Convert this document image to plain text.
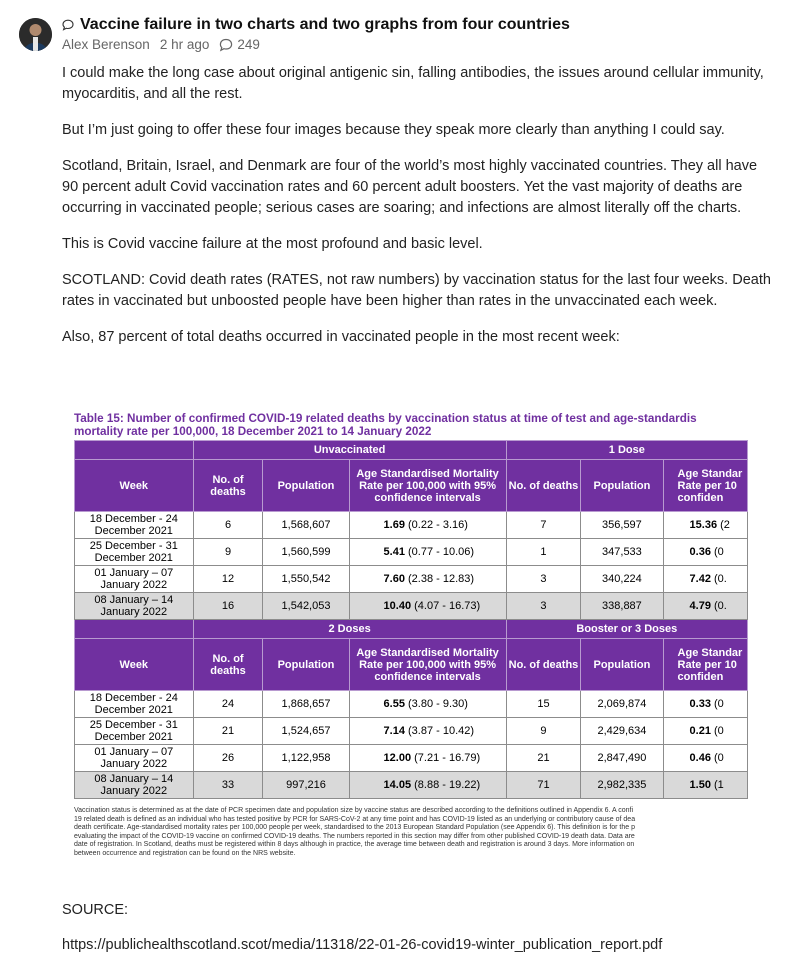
Vaccine failure in two charts and two graphs from four countries
Alex Berenson 2 hr ago 249

I could make the long case about original antigenic sin, falling antibodies, the issues around cellular immunity, myocarditis, and all the rest.

But I’m just going to offer these four images because they speak more clearly than anything I could say.

Scotland, Britain, Israel, and Denmark are four of the world’s most highly vaccinated countries. They all have 90 percent adult Covid vaccination rates and 60 percent adult boosters. Yet the vast majority of deaths are occurring in vaccinated people; serious cases are soaring; and infections are almost literally off the charts.

This is Covid vaccine failure at the most profound and basic level.

SCOTLAND: Covid death rates (RATES, not raw numbers) by vaccination status for the last four weeks. Death rates in vaccinated but unboosted people have been higher than rates in the unvaccinated each week.

Also, 87 percent of total deaths occurred in vaccinated people in the most recent week:

Table 15: Number of confirmed COVID-19 related deaths by vaccination status at time of test and age-standardis
mortality rate per 100,000, 18 December 2021 to 14 January 2022
	Unvaccinated			1 Dose		
Week	No. of deaths	Population	Age Standardised Mortality Rate per 100,000 with 95% confidence intervals	No. of deaths	Population	Age Standar Rate per 10 confiden
18 December - 24 December 2021	6	1,568,607	1.69 (0.22 - 3.16)	7	356,597	15.36 (2
25 December - 31 December 2021	9	1,560,599	5.41 (0.77 - 10.06)	1	347,533	0.36 (0
01 January – 07 January 2022	12	1,550,542	7.60 (2.38 - 12.83)	3	340,224	7.42 (0.
08 January – 14 January 2022	16	1,542,053	10.40 (4.07 - 16.73)	3	338,887	4.79 (0.
	2 Doses			Booster or 3 Doses		
Week	No. of deaths	Population	Age Standardised Mortality Rate per 100,000 with 95% confidence intervals	No. of deaths	Population	Age Standar Rate per 10 confiden
18 December - 24 December 2021	24	1,868,657	6.55 (3.80 - 9.30)	15	2,069,874	0.33 (0
25 December - 31 December 2021	21	1,524,657	7.14 (3.87 - 10.42)	9	2,429,634	0.21 (0
01 January – 07 January 2022	26	1,122,958	12.00 (7.21 - 16.79)	21	2,847,490	0.46 (0
08 January – 14 January 2022	33	997,216	14.05 (8.88 - 19.22)	71	2,982,335	1.50 (1
Vaccination status is determined as at the date of PCR specimen date and population size by vaccine status are described according to the definitions outlined in Appendix 6. A confi
19 related death is defined as an individual who has tested positive by PCR for SARS-CoV-2 at any time point and has COVID-19 listed as an underlying or contributory cause of dea
death certificate. Age-standardised mortality rates per 100,000 people per week, standardised to the 2013 European Standard Population (see Appendix 6). This definition is for the p
evaluating the impact of the COVID-19 vaccine on confirmed COVID-19 deaths. The numbers reported in this section may differ from other published COVID-19 death data. Data are
date of registration. In Scotland, deaths must be registered within 8 days although in practice, the average time between death and registration is around 3 days. More information on
between occurrence and registration can be found on the NRS website.
SOURCE:
https://publichealthscotland.scot/media/11318/22-01-26-covid19-winter_publication_report.pdf
